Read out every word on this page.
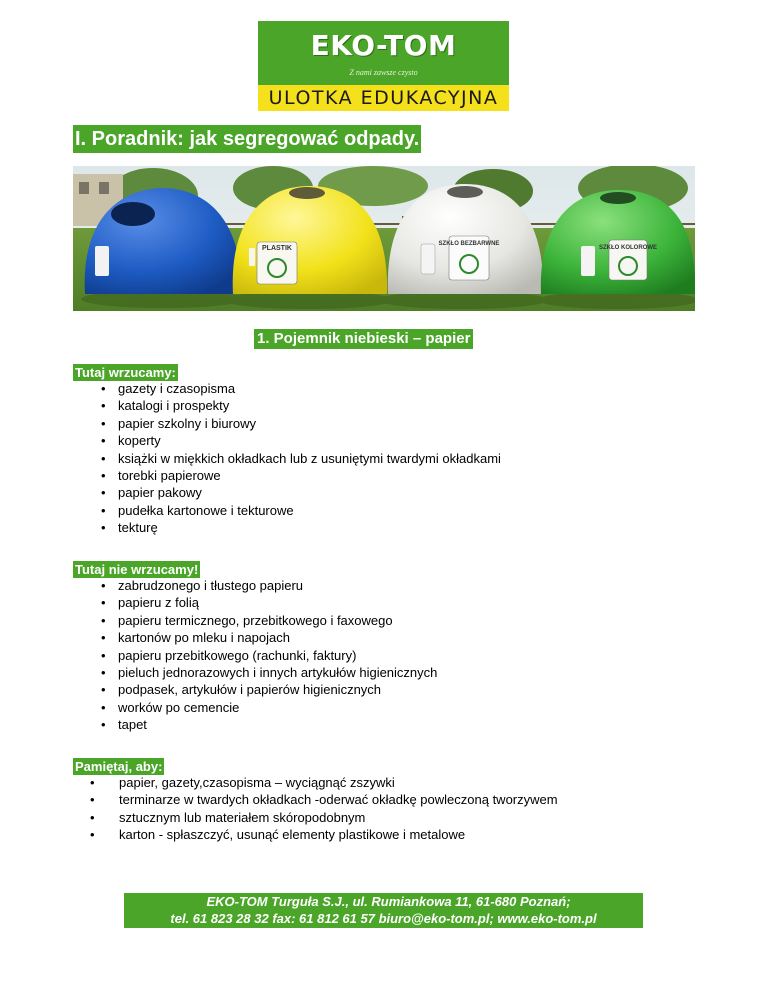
EKO-TOM
Z nami zawsze czysto
ULOTKA EDUKACYJNA
I. Poradnik: jak segregować odpady.
PLASTIK
SZKŁO BEZBARWNE
SZKŁO KOLOROWE
1. Pojemnik niebieski – papier
Tutaj wrzucamy:
• gazety i czasopisma
• katalogi i prospekty
• papier szkolny i biurowy
• koperty
• książki w miękkich okładkach lub z usuniętymi twardymi okładkami
• torebki papierowe
• papier pakowy
• pudełka kartonowe i tekturowe
• tekturę
Tutaj nie wrzucamy!
• zabrudzonego i tłustego papieru
• papieru z folią
• papieru termicznego, przebitkowego i faxowego
• kartonów po mleku i napojach
• papieru przebitkowego (rachunki, faktury)
• pieluch jednorazowych i innych artykułów higienicznych
• podpasek, artykułów i papierów higienicznych
• worków po cemencie
• tapet
Pamiętaj, aby:
• papier, gazety,czasopisma – wyciągnąć zszywki
• terminarze w twardych okładkach -oderwać okładkę powleczoną tworzywem
• sztucznym lub materiałem skóropodobnym
• karton - spłaszczyć, usunąć elementy plastikowe i metalowe
EKO-TOM Turguła S.J., ul. Rumiankowa 11, 61-680 Poznań;
tel. 61 823 28 32 fax: 61 812 61 57 biuro@eko-tom.pl; www.eko-tom.pl
